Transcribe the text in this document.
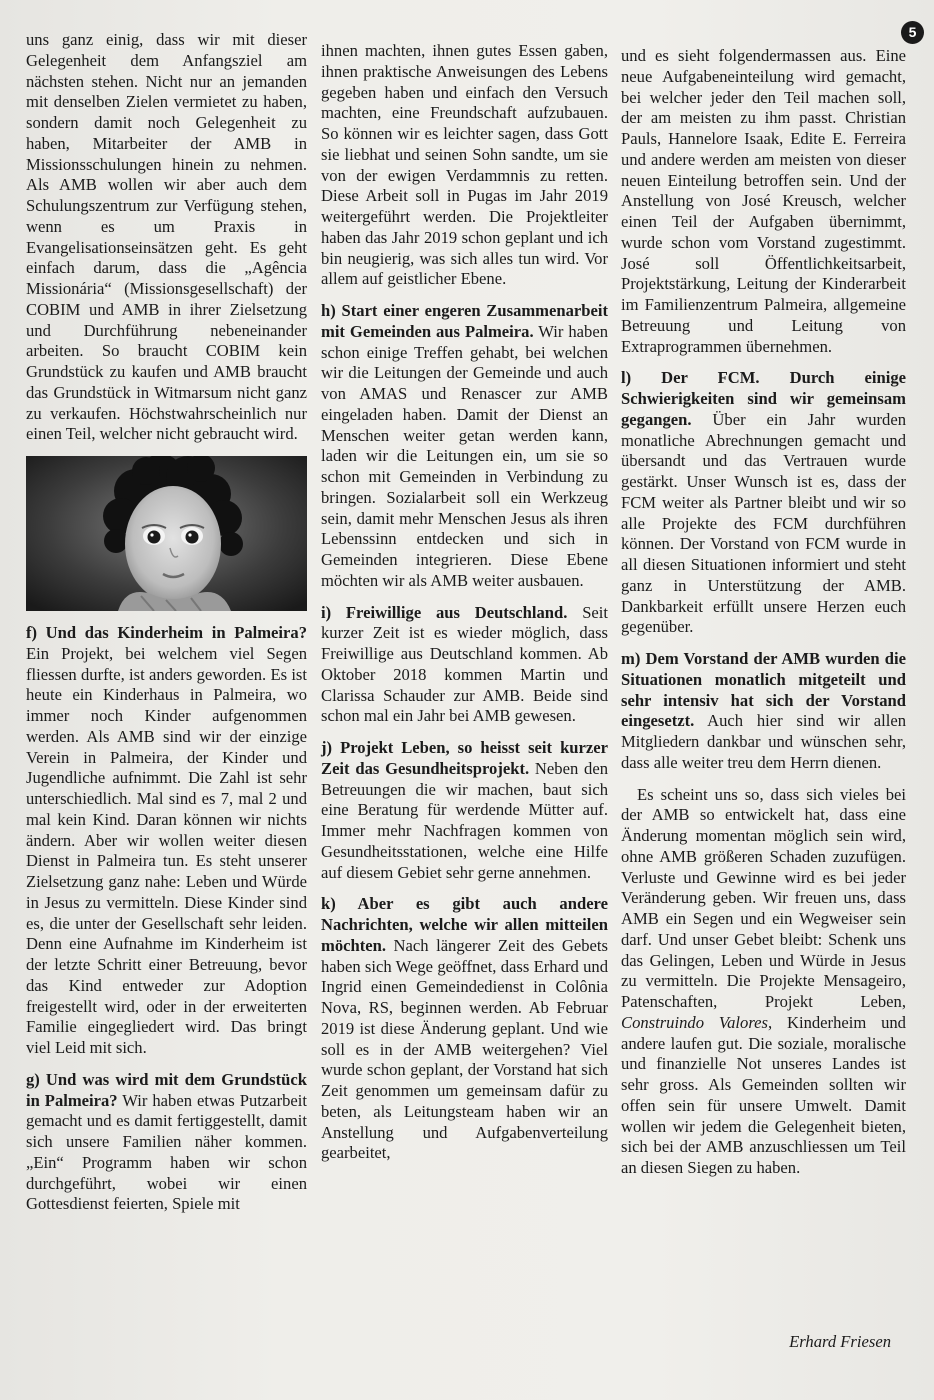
5

uns ganz einig, dass wir mit dieser Gelegenheit dem Anfangsziel am nächsten stehen. Nicht nur an jemanden mit denselben Zielen vermietet zu haben, sondern damit noch Gelegenheit zu haben, Mitarbeiter der AMB in Missionsschulungen hinein zu nehmen. Als AMB wollen wir aber auch dem Schulungszentrum zur Verfügung stehen, wenn es um Praxis in Evangelisationseinsätzen geht. Es geht einfach darum, dass die „Agência Missionária“ (Missionsgesellschaft) der COBIM und AMB in ihrer Zielsetzung und Durchführung nebeneinander arbeiten. So braucht COBIM kein Grundstück zu kaufen und AMB braucht das Grundstück in Witmarsum nicht ganz zu verkaufen. Höchstwahrscheinlich nur einen Teil, welcher nicht gebraucht wird.

f) Und das Kinderheim in Palmeira? Ein Projekt, bei welchem viel Segen fliessen durfte, ist anders geworden. Es ist heute ein Kinderhaus in Palmeira, wo immer noch Kinder aufgenommen werden. Als AMB sind wir der einzige Verein in Palmeira, der Kinder und Jugendliche aufnimmt. Die Zahl ist sehr unterschiedlich. Mal sind es 7, mal 2 und mal kein Kind. Daran können wir nichts ändern. Aber wir wollen weiter diesen Dienst in Palmeira tun. Es steht unserer Zielsetzung ganz nahe: Leben und Würde in Jesus zu vermitteln. Diese Kinder sind es, die unter der Gesellschaft sehr leiden. Denn eine Aufnahme im Kinderheim ist der letzte Schritt einer Betreuung, bevor das Kind entweder zur Adoption freigestellt wird, oder in der erweiterten Familie eingegliedert wird. Das bringt viel Leid mit sich.

g) Und was wird mit dem Grundstück in Palmeira? Wir haben etwas Putzarbeit gemacht und es damit fertiggestellt, damit sich unsere Familien näher kommen. „Ein“ Programm haben wir schon durchgeführt, wobei wir einen Gottesdienst feierten, Spiele mit

ihnen machten, ihnen gutes Essen gaben, ihnen praktische Anweisungen des Lebens gegeben haben und einfach den Versuch machten, eine Freundschaft aufzubauen. So können wir es leichter sagen, dass Gott sie liebhat und seinen Sohn sandte, um sie von der ewigen Verdammnis zu retten. Diese Arbeit soll in Pugas im Jahr 2019 weitergeführt werden. Die Projektleiter haben das Jahr 2019 schon geplant und ich bin neugierig, was sich alles tun wird. Vor allem auf geistlicher Ebene.

h) Start einer engeren Zusammenarbeit mit Gemeinden aus Palmeira. Wir haben schon einige Treffen gehabt, bei welchen wir die Leitungen der Gemeinde und auch von AMAS und Renascer zur AMB eingeladen haben. Damit der Dienst an Menschen weiter getan werden kann, laden wir die Leitungen ein, um sie so schon mit Gemeinden in Verbindung zu bringen. Sozialarbeit soll ein Werkzeug sein, damit mehr Menschen Jesus als ihren Lebenssinn entdecken und sich in Gemeinden integrieren. Diese Ebene möchten wir als AMB weiter ausbauen.

i) Freiwillige aus Deutschland. Seit kurzer Zeit ist es wieder möglich, dass Freiwillige aus Deutschland kommen. Ab Oktober 2018 kommen Martin und Clarissa Schauder zur AMB. Beide sind schon mal ein Jahr bei AMB gewesen.

j) Projekt Leben, so heisst seit kurzer Zeit das Gesundheitsprojekt. Neben den Betreuungen die wir machen, baut sich eine Beratung für werdende Mütter auf. Immer mehr Nachfragen kommen von Gesundheitsstationen, welche eine Hilfe auf diesem Gebiet sehr gerne annehmen.

k) Aber es gibt auch andere Nachrichten, welche wir allen mitteilen möchten. Nach längerer Zeit des Gebets haben sich Wege geöffnet, dass Erhard und Ingrid einen Gemeindedienst in Colônia Nova, RS, beginnen werden. Ab Februar 2019 ist diese Änderung geplant. Und wie soll es in der AMB weitergehen? Viel wurde schon geplant, der Vorstand hat sich Zeit genommen um gemeinsam dafür zu beten, als Leitungsteam haben wir an Anstellung und Aufgabenverteilung gearbeitet,

und es sieht folgendermassen aus. Eine neue Aufgabeneinteilung wird gemacht, bei welcher jeder den Teil machen soll, der am meisten zu ihm passt. Christian Pauls, Hannelore Isaak, Edite E. Ferreira und andere werden am meisten von dieser neuen Einteilung betroffen sein. Und der Anstellung von José Kreusch, welcher einen Teil der Aufgaben übernimmt, wurde schon vom Vorstand zugestimmt. José soll Öffentlichkeitsarbeit, Projektstärkung, Leitung der Kinderarbeit im Familienzentrum Palmeira, allgemeine Betreuung und Leitung von Extraprogrammen übernehmen.

l) Der FCM. Durch einige Schwierigkeiten sind wir gemeinsam gegangen. Über ein Jahr wurden monatliche Abrechnungen gemacht und übersandt und das Vertrauen wurde gestärkt. Unser Wunsch ist es, dass der FCM weiter als Partner bleibt und wir so alle Projekte des FCM durchführen können. Der Vorstand von FCM wurde in all diesen Situationen informiert und steht ganz in Unterstützung der AMB. Dankbarkeit erfüllt unsere Herzen euch gegenüber.

m) Dem Vorstand der AMB wurden die Situationen monatlich mitgeteilt und sehr intensiv hat sich der Vorstand eingesetzt. Auch hier sind wir allen Mitgliedern dankbar und wünschen sehr, dass alle weiter treu dem Herrn dienen.

Es scheint uns so, dass sich vieles bei der AMB so entwickelt hat, dass eine Änderung momentan möglich sein wird, ohne AMB größeren Schaden zuzufügen. Verluste und Gewinne wird es bei jeder Veränderung geben. Wir freuen uns, dass AMB ein Segen und ein Wegweiser sein darf. Und unser Gebet bleibt: Schenk uns das Gelingen, Leben und Würde in Jesus zu vermitteln. Die Projekte Mensageiro, Patenschaften, Projekt Leben, Construindo Valores, Kinderheim und andere laufen gut. Die soziale, moralische und finanzielle Not unseres Landes ist sehr gross. Als Gemeinden sollten wir offen sein für unsere Umwelt. Damit wollen wir jedem die Gelegenheit bieten, sich bei der AMB anzuschliessen um Teil an diesen Siegen zu haben.

Erhard Friesen
